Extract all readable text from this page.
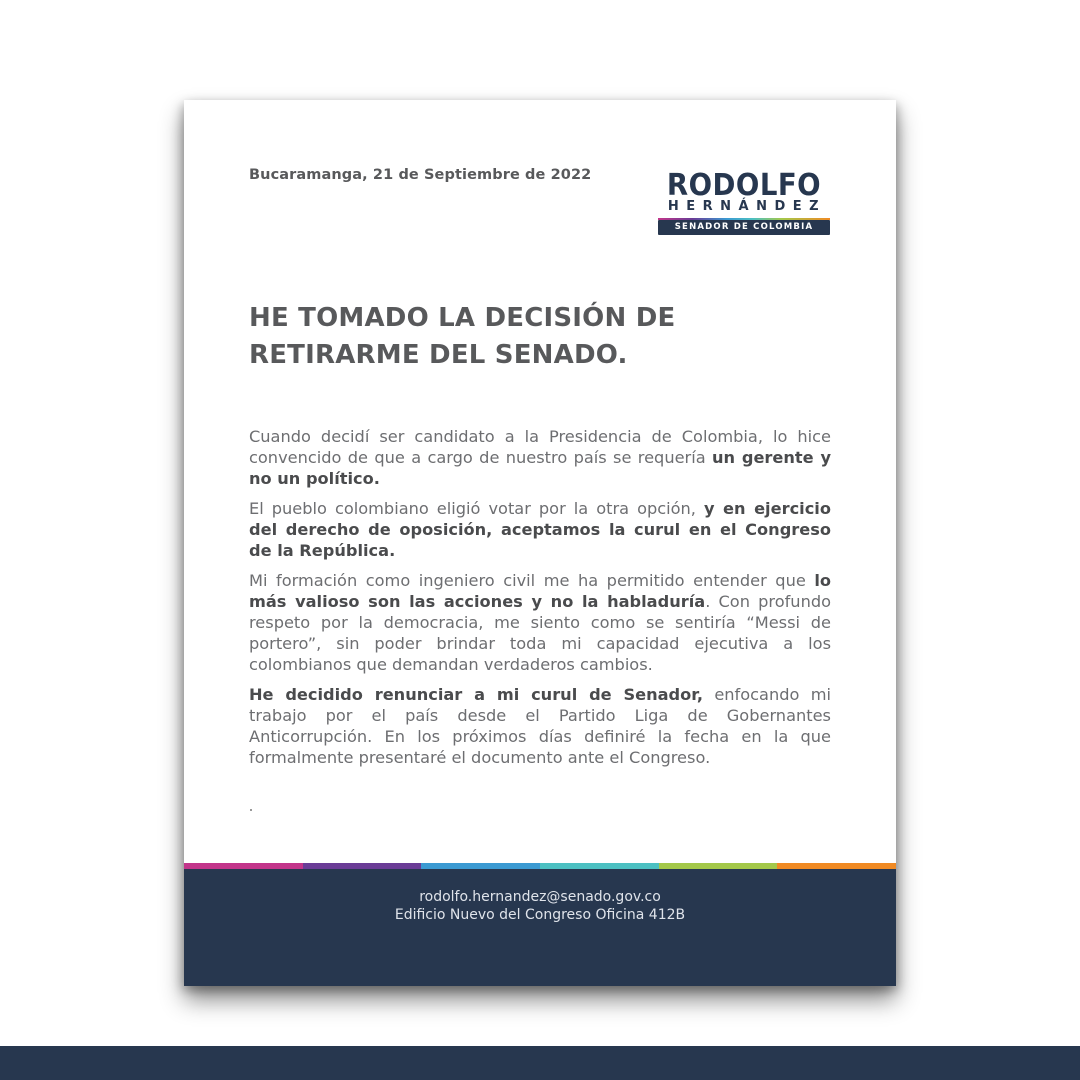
Bucaramanga, 21 de Septiembre de 2022	RODOLFO
HERNÁNDEZ
SENADOR DE COLOMBIA
HE TOMADO LA DECISIÓN DE
RETIRARME DEL SENADO.

Cuando decidí ser candidato a la Presidencia de Colombia, lo hice convencido de que a cargo de nuestro país se requería un gerente y no un político.

El pueblo colombiano eligió votar por la otra opción, y en ejercicio del derecho de oposición, aceptamos la curul en el Congreso de la República.

Mi formación como ingeniero civil me ha permitido entender que lo más valioso son las acciones y no la habladuría. Con profundo respeto por la democracia, me siento como se sentiría “Messi de portero”, sin poder brindar toda mi capacidad ejecutiva a los colombianos que demandan verdaderos cambios.

He decidido renunciar a mi curul de Senador, enfocando mi trabajo por el país desde el Partido Liga de Gobernantes Anticorrupción. En los próximos días definiré la fecha en la que formalmente presentaré el documento ante el Congreso.

rodolfo.hernandez@senado.gov.co
Edificio Nuevo del Congreso Oficina 412B
